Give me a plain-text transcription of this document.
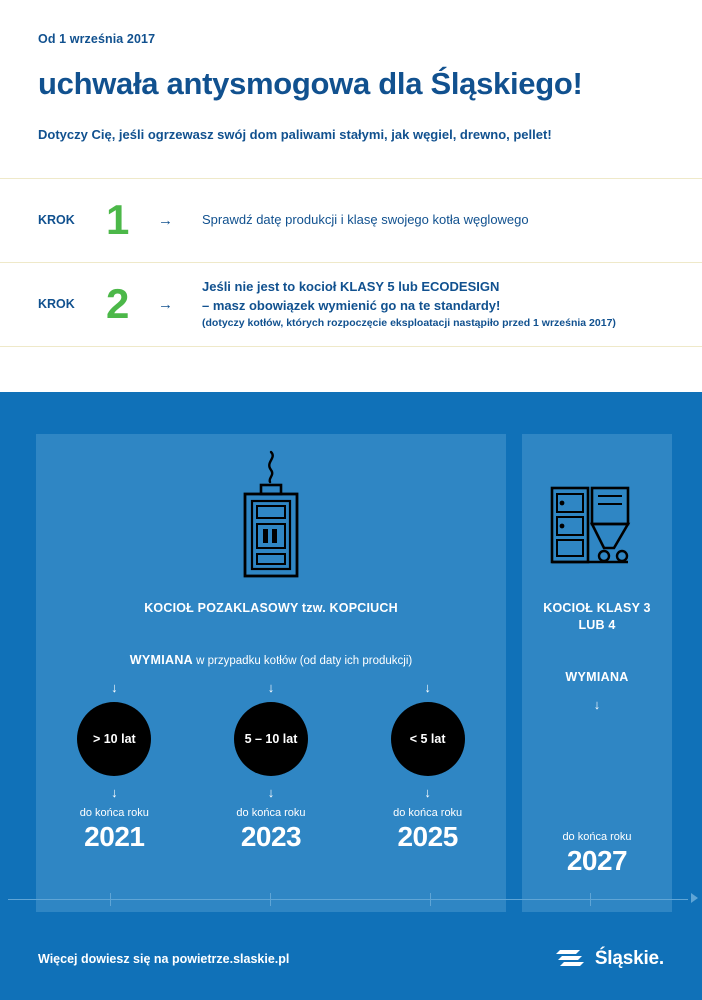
Od 1 września 2017
uchwała antysmogowa dla Śląskiego!
Dotyczy Cię, jeśli ogrzewasz swój dom paliwami stałymi, jak węgiel, drewno, pellet!
KROK 1	→	Sprawdź datę produkcji i klasę swojego kotła węglowego
KROK 2	→
Jeśli nie jest to kocioł KLASY 5 lub ECODESIGN
– masz obowiązek wymienić go na te standardy!
(dotyczy kotłów, których rozpoczęcie eksploatacji nastąpiło przed 1 września 2017)
KOCIOŁ POZAKLASOWY tzw. KOPCIUCH
WYMIANA w przypadku kotłów (od daty ich produkcji)
↓
> 10 lat
↓
do końca roku
2021
↓
5 – 10 lat
↓
do końca roku
2023
↓
< 5 lat
↓
do końca roku
2025
KOCIOŁ KLASY 3
LUB 4
WYMIANA
↓
do końca roku
2027
Więcej dowiesz się na powietrze.slaskie.pl	Śląskie.
